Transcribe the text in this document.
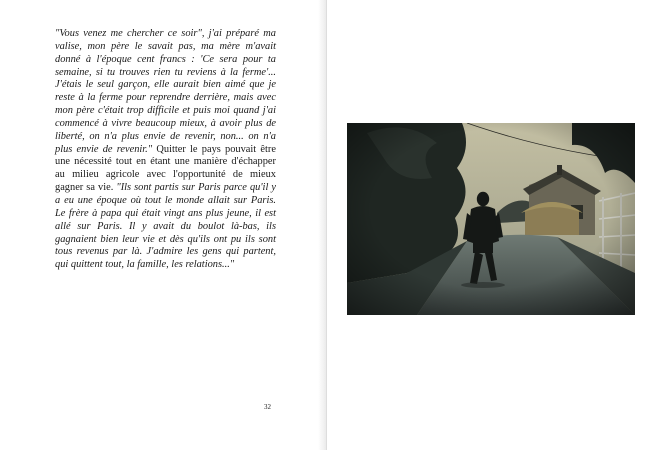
"Vous venez me chercher ce soir", j'ai préparé ma valise, mon père le savait pas, ma mère m'avait donné à l'époque cent francs : 'Ce sera pour ta semaine, si tu trouves rien tu reviens à la ferme'... J'étais le seul garçon, elle aurait bien aimé que je reste à la ferme pour reprendre derrière, mais avec mon père c'était trop difficile et puis moi quand j'ai commencé à vivre beaucoup mieux, à avoir plus de liberté, on n'a plus envie de revenir, non... on n'a plus envie de revenir." Quitter le pays pouvait être une nécessité tout en étant une manière d'échapper au milieu agricole avec l'opportunité de mieux gagner sa vie. "Ils sont partis sur Paris parce qu'il y a eu une époque où tout le monde allait sur Paris. Le frère à papa qui était vingt ans plus jeune, il est allé sur Paris. Il y avait du boulot là-bas, ils gagnaient bien leur vie et dès qu'ils ont pu ils sont tous revenus par là. J'admire les gens qui partent, qui quittent tout, la famille, les relations..."

32
